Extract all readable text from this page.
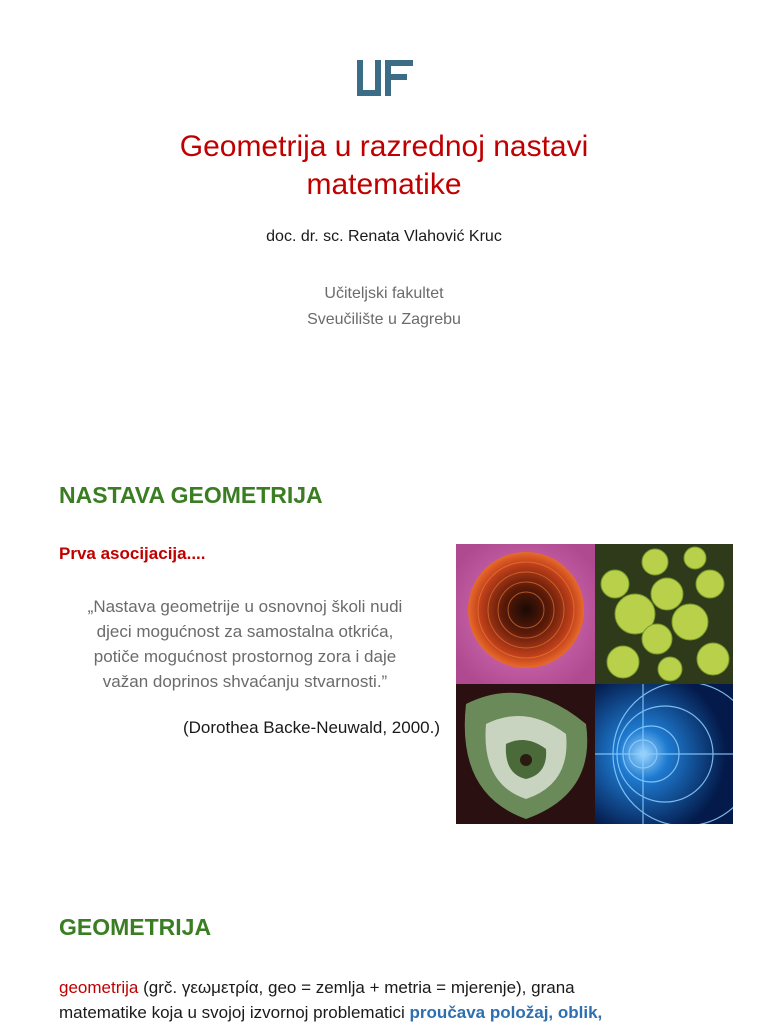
Geometrija u razrednoj nastavi
matematike
doc. dr. sc. Renata Vlahović Kruc
Učiteljski fakultet
Sveučilište u Zagrebu
NASTAVA GEOMETRIJA
Prva asocijacija....
„Nastava geometrije u osnovnoj školi nudi
djeci mogućnost za samostalna otkrića,
potiče mogućnost prostornog zora i daje
važan doprinos shvaćanju stvarnosti.”
(Dorothea Backe-Neuwald, 2000.)
GEOMETRIJA
geometrija (grč. γεωμετρία, geo = zemlja + metria = mjerenje), grana
matematike koja u svojoj izvornoj problematici proučava položaj, oblik,
